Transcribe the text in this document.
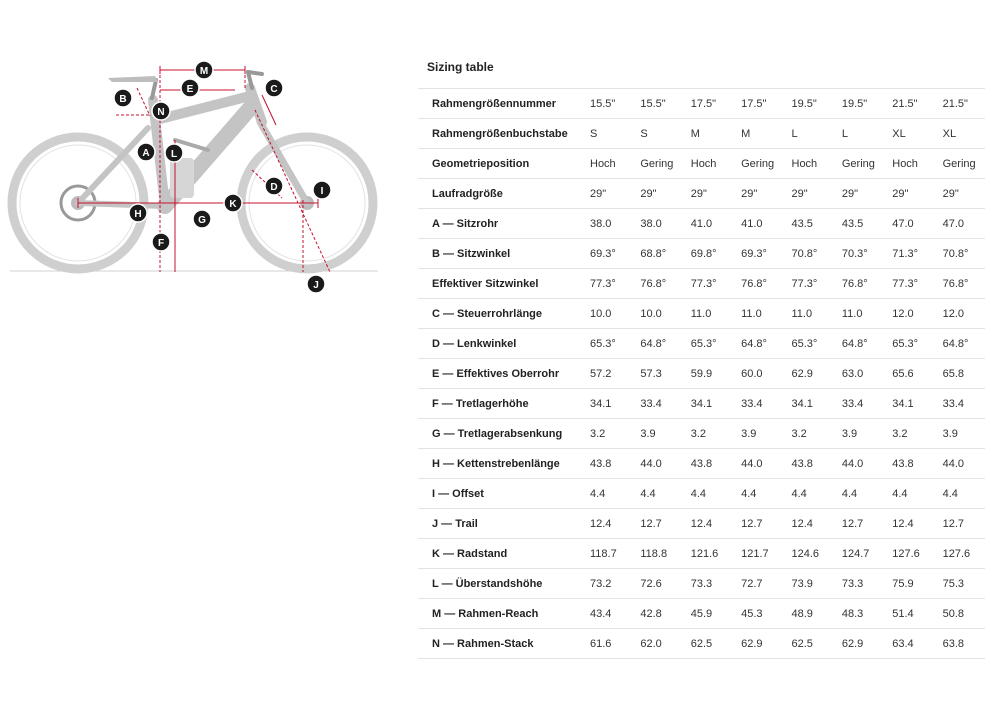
M
E	C
B
N
A L
D	I
K
H
G
F
J
Sizing table
Rahmengrößennummer	15.5"	15.5"	17.5"	17.5"	19.5"	19.5"	21.5"	21.5"
Rahmengrößenbuchstabe	S	S	M	M	L	L	XL	XL
Geometrieposition	Hoch	Gering	Hoch	Gering	Hoch	Gering	Hoch	Gering
Laufradgröße	29"	29"	29"	29"	29"	29"	29"	29"
A — Sitzrohr	38.0	38.0	41.0	41.0	43.5	43.5	47.0	47.0
B — Sitzwinkel	69.3°	68.8°	69.8°	69.3°	70.8°	70.3°	71.3°	70.8°
Effektiver Sitzwinkel	77.3°	76.8°	77.3°	76.8°	77.3°	76.8°	77.3°	76.8°
C — Steuerrohrlänge	10.0	10.0	11.0	11.0	11.0	11.0	12.0	12.0
D — Lenkwinkel	65.3°	64.8°	65.3°	64.8°	65.3°	64.8°	65.3°	64.8°
E — Effektives Oberrohr	57.2	57.3	59.9	60.0	62.9	63.0	65.6	65.8
F — Tretlagerhöhe	34.1	33.4	34.1	33.4	34.1	33.4	34.1	33.4
G — Tretlagerabsenkung	3.2	3.9	3.2	3.9	3.2	3.9	3.2	3.9
H — Kettenstrebenlänge	43.8	44.0	43.8	44.0	43.8	44.0	43.8	44.0
I — Offset	4.4	4.4	4.4	4.4	4.4	4.4	4.4	4.4
J — Trail	12.4	12.7	12.4	12.7	12.4	12.7	12.4	12.7
K — Radstand	118.7	118.8	121.6	121.7	124.6	124.7	127.6	127.6
L — Überstandshöhe	73.2	72.6	73.3	72.7	73.9	73.3	75.9	75.3
M — Rahmen-Reach	43.4	42.8	45.9	45.3	48.9	48.3	51.4	50.8
N — Rahmen-Stack	61.6	62.0	62.5	62.9	62.5	62.9	63.4	63.8
